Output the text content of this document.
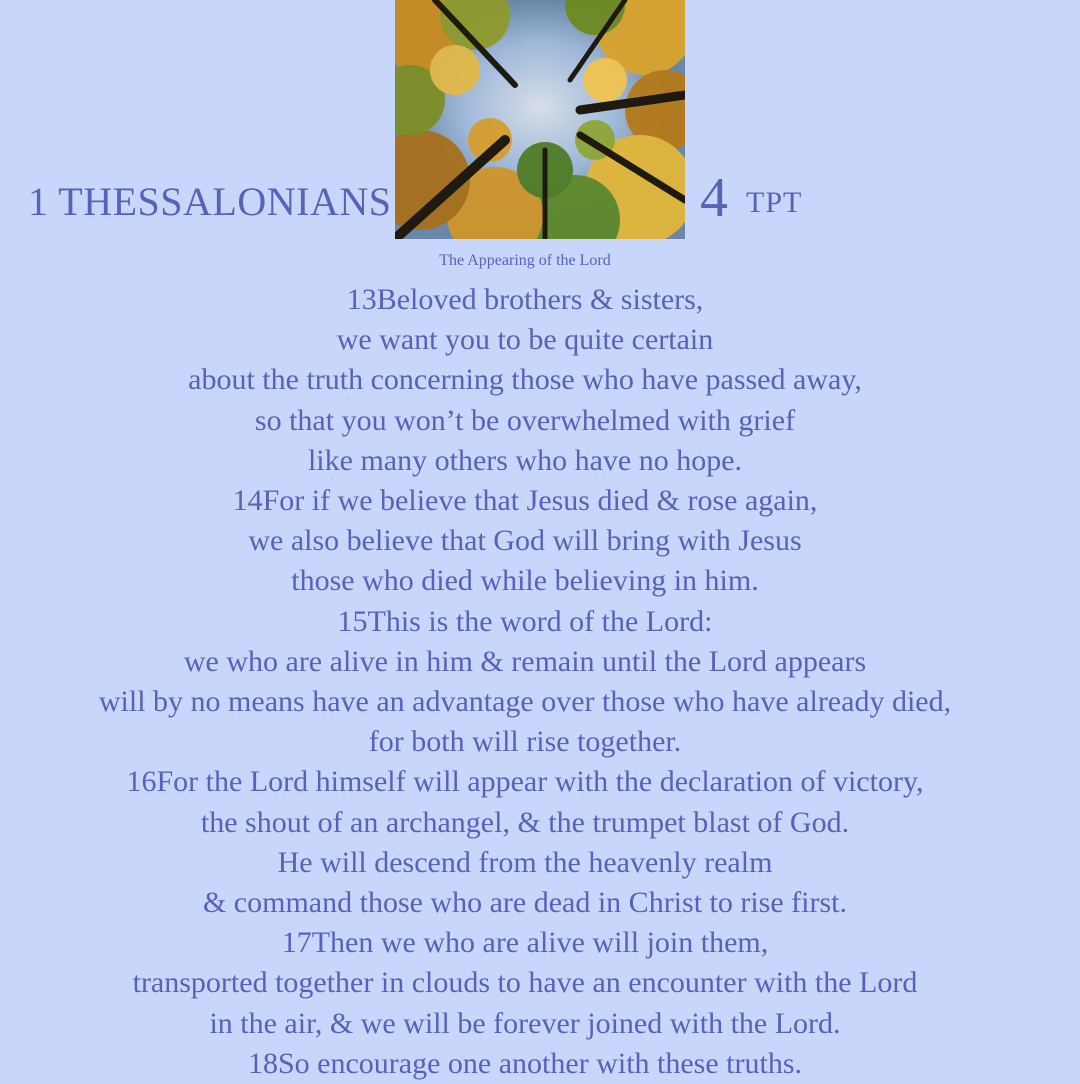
1 THESSALONIANS	4 TPT
The Appearing of the Lord
13Beloved brothers & sisters,
we want you to be quite certain
about the truth concerning those who have passed away,
so that you won’t be overwhelmed with grief
like many others who have no hope.
14For if we believe that Jesus died & rose again,
we also believe that God will bring with Jesus
those who died while believing in him.
15This is the word of the Lord:
we who are alive in him & remain until the Lord appears
will by no means have an advantage over those who have already died,
for both will rise together.
16For the Lord himself will appear with the declaration of victory,
the shout of an archangel, & the trumpet blast of God.
He will descend from the heavenly realm
& command those who are dead in Christ to rise first.
17Then we who are alive will join them,
transported together in clouds to have an encounter with the Lord
in the air, & we will be forever joined with the Lord.
18So encourage one another with these truths.
